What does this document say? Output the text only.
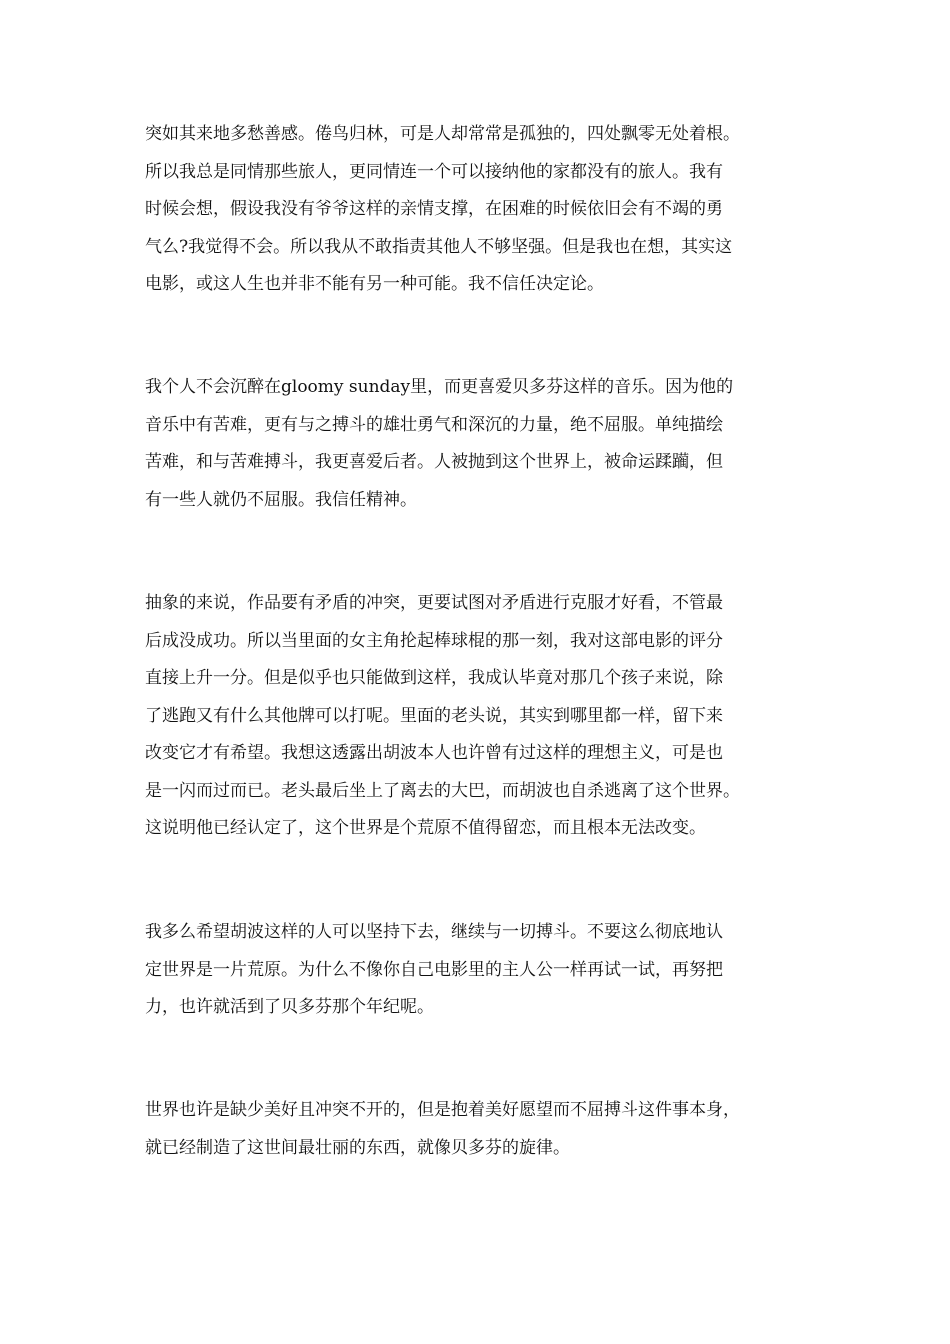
突如其来地多愁善感。倦鸟归林，可是人却常常是孤独的，四处飘零无处着根。
所以我总是同情那些旅人，更同情连一个可以接纳他的家都没有的旅人。我有
时候会想，假设我没有爷爷这样的亲情支撑，在困难的时候依旧会有不竭的勇
气么?我觉得不会。所以我从不敢指责其他人不够坚强。但是我也在想，其实这
电影，或这人生也并非不能有另一种可能。我不信任决定论。
我个人不会沉醉在gloomy sunday里，而更喜爱贝多芬这样的音乐。因为他的
音乐中有苦难，更有与之搏斗的雄壮勇气和深沉的力量，绝不屈服。单纯描绘
苦难，和与苦难搏斗，我更喜爱后者。人被抛到这个世界上，被命运蹂躏，但
有一些人就仍不屈服。我信任精神。
抽象的来说，作品要有矛盾的冲突，更要试图对矛盾进行克服才好看，不管最
后成没成功。所以当里面的女主角抡起棒球棍的那一刻，我对这部电影的评分
直接上升一分。但是似乎也只能做到这样，我成认毕竟对那几个孩子来说，除
了逃跑又有什么其他牌可以打呢。里面的老头说，其实到哪里都一样，留下来
改变它才有希望。我想这透露出胡波本人也许曾有过这样的理想主义，可是也
是一闪而过而已。老头最后坐上了离去的大巴，而胡波也自杀逃离了这个世界。
这说明他已经认定了，这个世界是个荒原不值得留恋，而且根本无法改变。
我多么希望胡波这样的人可以坚持下去，继续与一切搏斗。不要这么彻底地认
定世界是一片荒原。为什么不像你自己电影里的主人公一样再试一试，再努把
力，也许就活到了贝多芬那个年纪呢。
世界也许是缺少美好且冲突不开的，但是抱着美好愿望而不屈搏斗这件事本身，
就已经制造了这世间最壮丽的东西，就像贝多芬的旋律。
